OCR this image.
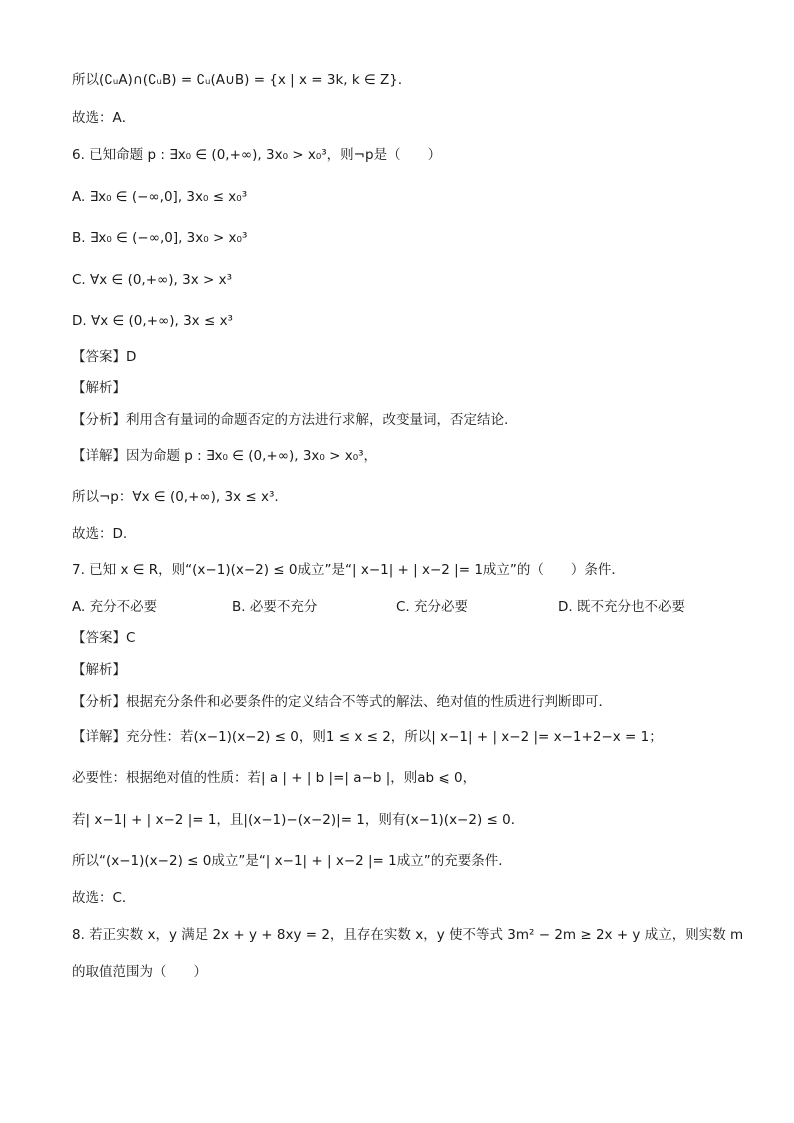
所以(∁ᵤA)∩(∁ᵤB) = ∁ᵤ(A∪B) = {x | x = 3k, k ∈ Z}．
故选：A．
6. 已知命题 p : ∃x₀ ∈ (0,+∞), 3x₀ > x₀³，则¬p是（　　）
A. ∃x₀ ∈ (−∞,0], 3x₀ ≤ x₀³
B. ∃x₀ ∈ (−∞,0], 3x₀ > x₀³
C. ∀x ∈ (0,+∞), 3x > x³
D. ∀x ∈ (0,+∞), 3x ≤ x³
【答案】D
【解析】
【分析】利用含有量词的命题否定的方法进行求解，改变量词，否定结论.
【详解】因为命题 p : ∃x₀ ∈ (0,+∞), 3x₀ > x₀³，
所以¬p：∀x ∈ (0,+∞), 3x ≤ x³.
故选：D.
7. 已知 x ∈ R，则“(x−1)(x−2) ≤ 0成立”是“| x−1| + | x−2 |= 1成立”的（　　）条件．
A. 充分不必要	B. 必要不充分	C. 充分必要	D. 既不充分也不必要
【答案】C
【解析】
【分析】根据充分条件和必要条件的定义结合不等式的解法、绝对值的性质进行判断即可．
【详解】充分性：若(x−1)(x−2) ≤ 0，则1 ≤ x ≤ 2，所以| x−1| + | x−2 |= x−1+2−x = 1；
必要性：根据绝对值的性质：若| a | + | b |=| a−b |，则ab ⩽ 0，
若| x−1| + | x−2 |= 1，且|(x−1)−(x−2)|= 1，则有(x−1)(x−2) ≤ 0．
所以“(x−1)(x−2) ≤ 0成立”是“| x−1| + | x−2 |= 1成立”的充要条件．
故选：C．
8. 若正实数 x，y 满足 2x + y + 8xy = 2，且存在实数 x，y 使不等式 3m² − 2m ≥ 2x + y 成立，则实数 m
的取值范围为（　　）
